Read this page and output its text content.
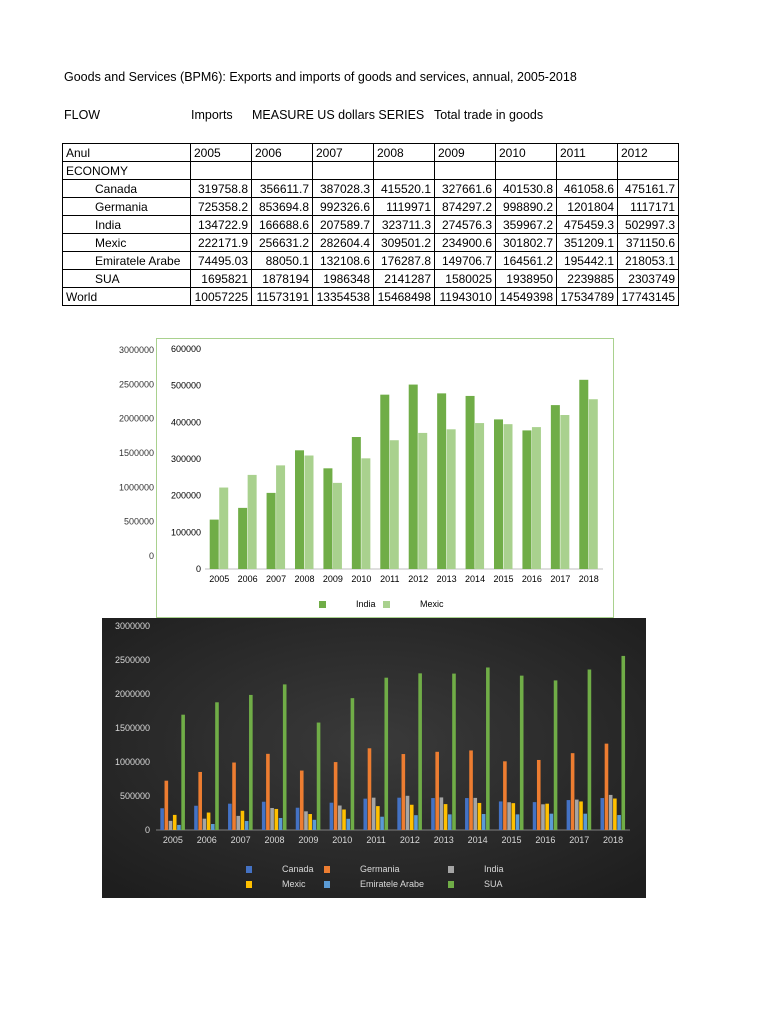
Goods and Services (BPM6): Exports and imports of goods and services, annual, 2005-2018
FLOW	Imports MEASURE US dollars SERIES Total trade in goods
Anul	2005	2006	2007	2008	2009	2010	2011	2012
ECONOMY								
Canada	319758.8	356611.7	387028.3	415520.1	327661.6	401530.8	461058.6	475161.7
Germania	725358.2	853694.8	992326.6	1119971	874297.2	998890.2	1201804	1117171
India	134722.9	166688.6	207589.7	323711.3	274576.3	359967.2	475459.3	502997.3
Mexic	222171.9	256631.2	282604.4	309501.2	234900.6	301802.7	351209.1	371150.6
Emiratele Arabe	74495.03	88050.1	132108.6	176287.8	149706.7	164561.2	195442.1	218053.1
SUA	1695821	1878194	1986348	2141287	1580025	1938950	2239885	2303749
World	10057225	11573191	13354538	15468498	11943010	14549398	17534789	17743145
0
500000
1000000
1500000
2000000
2500000
3000000
0
100000
200000
300000
400000
500000
600000
2005 2006 2007 2008 2009 2010 2011 2012 2013 2014 2015 2016 2017 2018
India	Mexic
0
500000
1000000
1500000
2000000
2500000
3000000
2005 2006 2007 2008 2009 2010 2011 2012 2013 2014 2015 2016 2017 2018
Canada	Germania	India
Mexic	Emiratele Arabe	SUA
